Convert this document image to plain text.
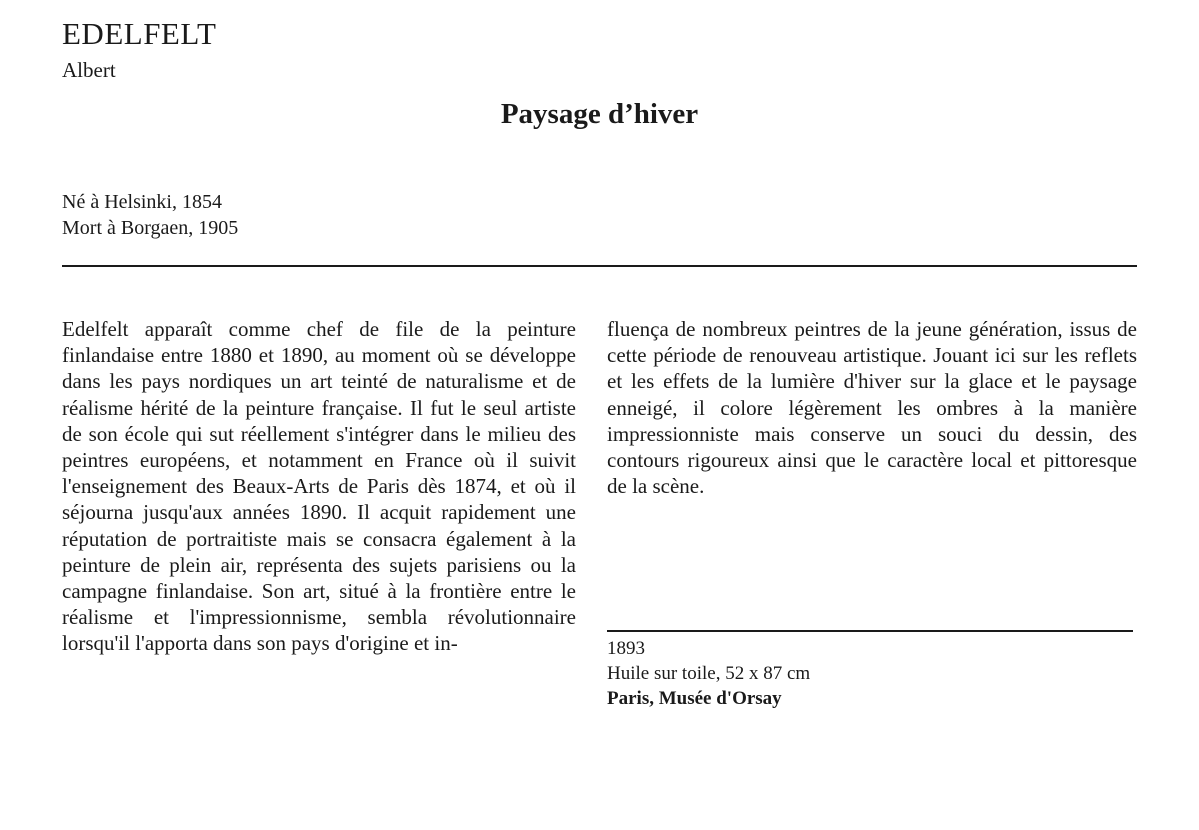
EDELFELT
Albert
Paysage d’hiver
Né à Helsinki, 1854
Mort à Borgaen, 1905
Edelfelt apparaît comme chef de file de la peinture finlandaise entre 1880 et 1890, au moment où se développe dans les pays nordiques un art teinté de naturalisme et de réalisme hérité de la peinture française. Il fut le seul artiste de son école qui sut réellement s'intégrer dans le milieu des peintres européens, et notamment en France où il suivit l'enseignement des Beaux-Arts de Paris dès 1874, et où il séjourna jusqu'aux années 1890. Il acquit rapidement une réputation de portraitiste mais se consacra également à la peinture de plein air, représenta des sujets parisiens ou la campagne finlandaise. Son art, situé à la frontière entre le réalisme et l'impressionnisme, sembla révolutionnaire lorsqu'il l'apporta dans son pays d'origine et in-
fluença de nombreux peintres de la jeune génération, issus de cette période de renouveau artistique. Jouant ici sur les reflets et les effets de la lumière d'hiver sur la glace et le paysage enneigé, il colore légèrement les ombres à la manière impressionniste mais conserve un souci du dessin, des contours rigoureux ainsi que le caractère local et pittoresque de la scène.
1893
Huile sur toile, 52 x 87 cm
Paris, Musée d'Orsay
